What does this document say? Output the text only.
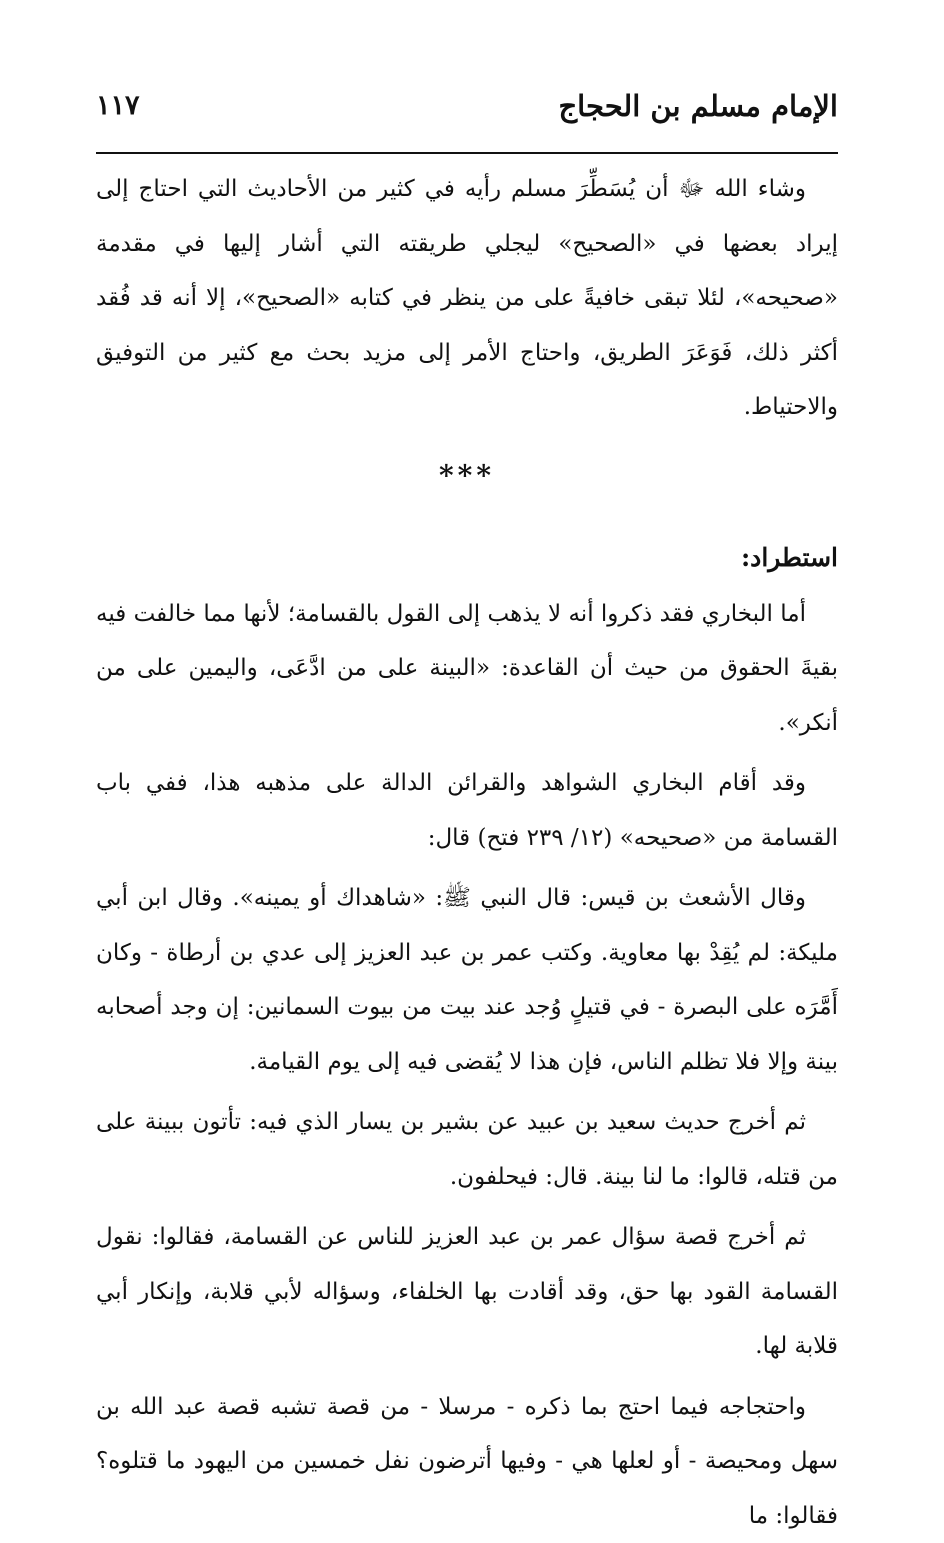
الإمام مسلم بن الحجاج
١١٧

وشاء الله ﷻ أن يُسَطِّرَ مسلم رأيه في كثير من الأحاديث التي احتاج إلى إيراد بعضها في «الصحيح» ليجلي طريقته التي أشار إليها في مقدمة «صحيحه»، لئلا تبقى خافيةً على من ينظر في كتابه «الصحيح»، إلا أنه قد فُقد أكثر ذلك، فَوَعَرَ الطريق، واحتاج الأمر إلى مزيد بحث مع كثير من التوفيق والاحتياط.

***
استطراد:

أما البخاري فقد ذكروا أنه لا يذهب إلى القول بالقسامة؛ لأنها مما خالفت فيه بقيةَ الحقوق من حيث أن القاعدة: «البينة على من ادَّعَى، واليمين على من أنكر».

وقد أقام البخاري الشواهد والقرائن الدالة على مذهبه هذا، ففي باب القسامة من «صحيحه» (١٢/ ٢٣٩ فتح) قال:

وقال الأشعث بن قيس: قال النبي ﷺ: «شاهداك أو يمينه». وقال ابن أبي مليكة: لم يُقِدْ بها معاوية. وكتب عمر بن عبد العزيز إلى عدي بن أرطاة - وكان أَمَّرَه على البصرة - في قتيلٍ وُجد عند بيت من بيوت السمانين: إن وجد أصحابه بينة وإلا فلا تظلم الناس، فإن هذا لا يُقضى فيه إلى يوم القيامة.

ثم أخرج حديث سعيد بن عبيد عن بشير بن يسار الذي فيه: تأتون ببينة على من قتله، قالوا: ما لنا بينة. قال: فيحلفون.

ثم أخرج قصة سؤال عمر بن عبد العزيز للناس عن القسامة، فقالوا: نقول القسامة القود بها حق، وقد أقادت بها الخلفاء، وسؤاله لأبي قلابة، وإنكار أبي قلابة لها.

واحتجاجه فيما احتج بما ذكره - مرسلا - من قصة تشبه قصة عبد الله بن سهل ومحيصة - أو لعلها هي - وفيها أترضون نفل خمسين من اليهود ما قتلوه؟ فقالوا: ما
